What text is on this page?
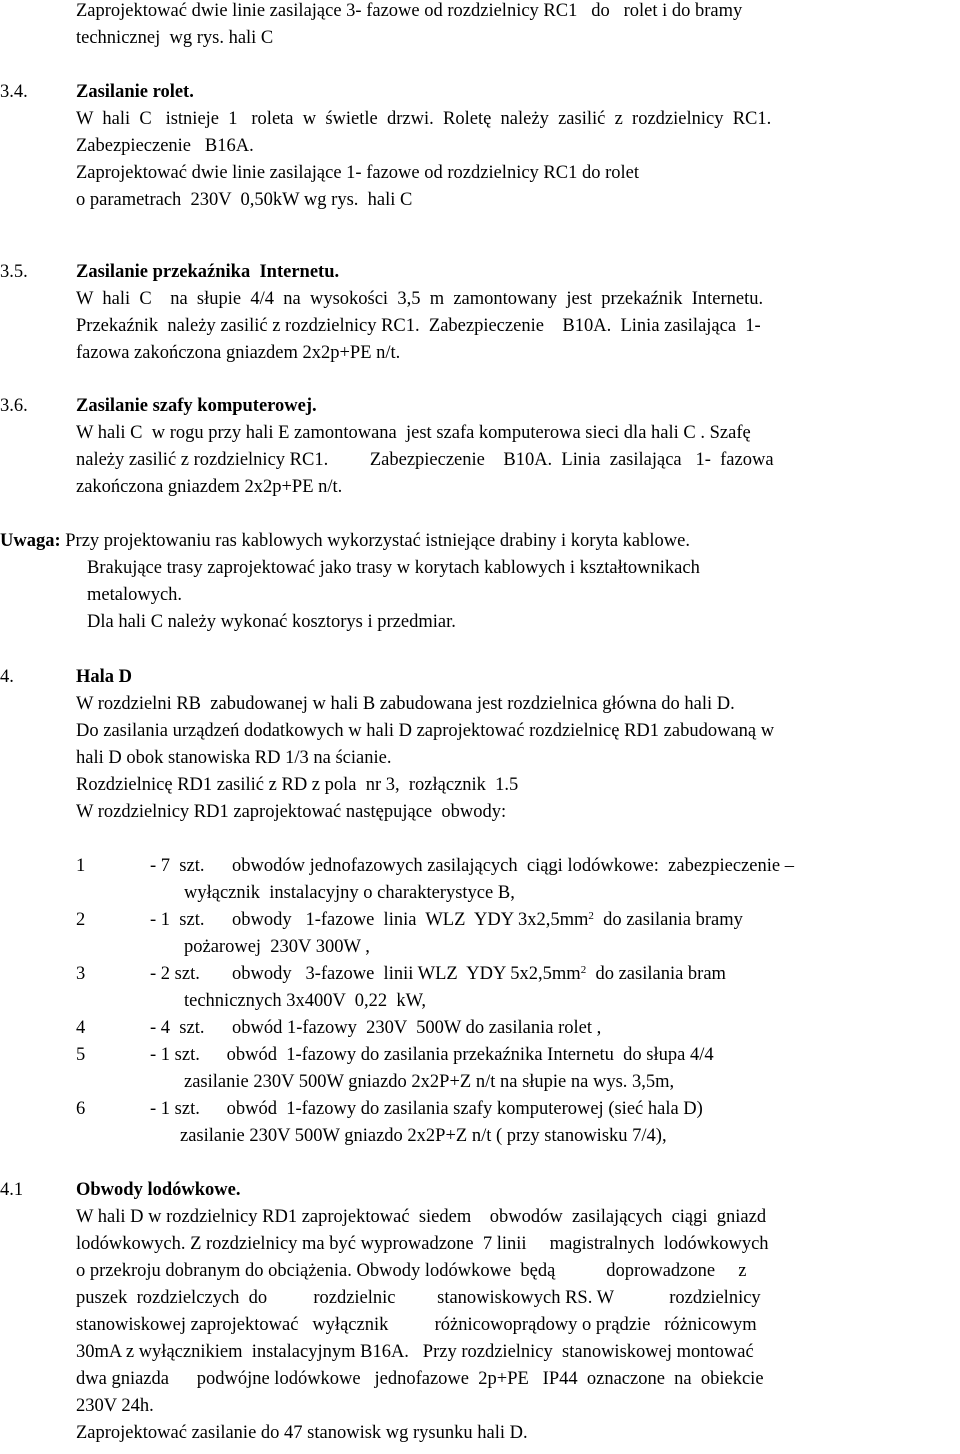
Zaprojektować dwie linie zasilające 3- fazowe od rozdzielnicy RC1   do   rolet i do bramy
technicznej  wg rys. hali C
3.4.	Zasilanie rolet.
W  hali  C   istnieje  1   roleta  w  świetle  drzwi.  Roletę  należy  zasilić  z  rozdzielnicy  RC1.
Zabezpieczenie   B16A.
Zaprojektować dwie linie zasilające 1- fazowe od rozdzielnicy RC1 do rolet
o parametrach  230V  0,50kW wg rys.  hali C
3.5.	Zasilanie przekaźnika  Internetu.
W  hali  C    na  słupie  4/4  na  wysokości  3,5  m  zamontowany  jest  przekaźnik  Internetu.
Przekaźnik  należy zasilić z rozdzielnicy RC1.  Zabezpieczenie    B10A.  Linia zasilająca  1-
fazowa zakończona gniazdem 2x2p+PE n/t.
3.6.	Zasilanie szafy komputerowej.
W hali C  w rogu przy hali E zamontowana  jest szafa komputerowa sieci dla hali C . Szafę
należy zasilić z rozdzielnicy RC1.         Zabezpieczenie    B10A.  Linia  zasilająca   1-  fazowa
zakończona gniazdem 2x2p+PE n/t.
Uwaga: Przy projektowaniu ras kablowych wykorzystać istniejące drabiny i koryta kablowe.
Brakujące trasy zaprojektować jako trasy w korytach kablowych i kształtownikach
metalowych.
Dla hali C należy wykonać kosztorys i przedmiar.
4.	Hala D
W rozdzielni RB  zabudowanej w hali B zabudowana jest rozdzielnica główna do hali D.
Do zasilania urządzeń dodatkowych w hali D zaprojektować rozdzielnicę RD1 zabudowaną w
hali D obok stanowiska RD 1/3 na ścianie.
Rozdzielnicę RD1 zasilić z RD z pola  nr 3,  rozłącznik  1.5
W rozdzielnicy RD1 zaprojektować następujące  obwody:
1	- 7  szt. obwodów jednofazowych zasilających  ciągi lodówkowe:  zabezpieczenie –
wyłącznik  instalacyjny o charakterystyce B,
2	- 1  szt. obwody   1-fazowe  linia  WLZ  YDY $3x2,5mm^2$  do zasilania bramy
pożarowej  230V 300W ,
3	- 2 szt. obwody   3-fazowe  linii WLZ  YDY $5x2,5mm^2$  do zasilania bram
technicznych 3x400V  0,22  kW,
4	- 4  szt. obwód 1-fazowy  230V  500W do zasilania rolet ,
5	- 1 szt. obwód  1-fazowy do zasilania przekaźnika Internetu  do słupa 4/4
zasilanie 230V 500W gniazdo 2x2P+Z n/t na słupie na wys. 3,5m,
6	- 1 szt. obwód  1-fazowy do zasilania szafy komputerowej (sieć hala D)
zasilanie 230V 500W gniazdo 2x2P+Z n/t ( przy stanowisku 7/4),
4.1	Obwody lodówkowe.
W hali D w rozdzielnicy RD1 zaprojektować  siedem    obwodów  zasilających  ciągi  gniazd
lodówkowych. Z rozdzielnicy ma być wyprowadzone  7 linii     magistralnych  lodówkowych
o przekroju dobranym do obciążenia. Obwody lodówkowe  będą           doprowadzone     z
puszek  rozdzielczych  do          rozdzielnic         stanowiskowych RS. W            rozdzielnicy
stanowiskowej zaprojektować   wyłącznik          różnicowoprądowy o prądzie   różnicowym
30mA z wyłącznikiem  instalacyjnym B16A.   Przy rozdzielnicy  stanowiskowej montować
dwa gniazda      podwójne lodówkowe   jednofazowe  2p+PE   IP44  oznaczone  na  obiekcie
230V 24h.
Zaprojektować zasilanie do 47 stanowisk wg rysunku hali D.
